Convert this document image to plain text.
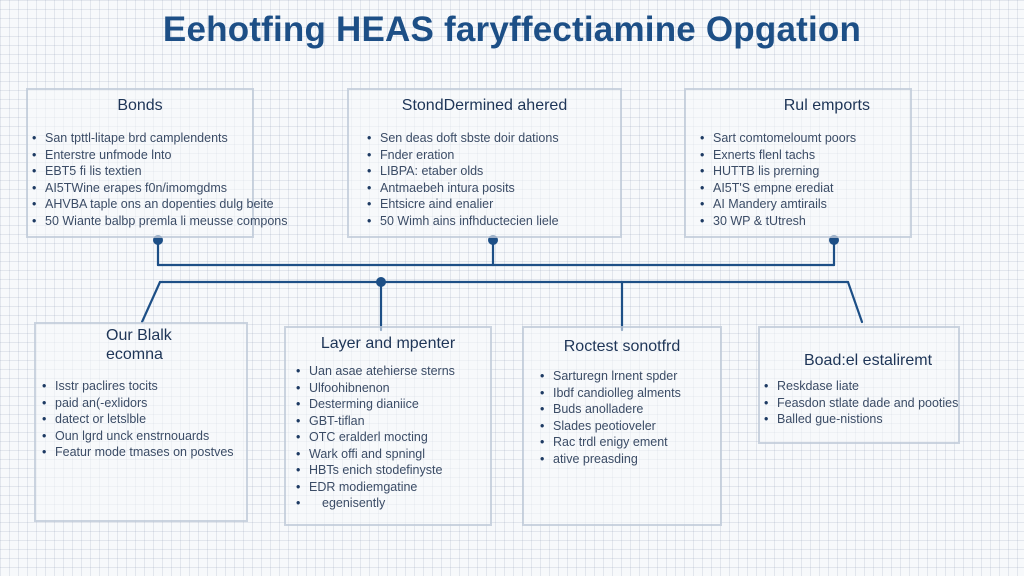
Eehotfing HEAS faryffectiamine Opgation
Bonds
• San tpttl-litape brd camplendents
• Enterstre unfmode lnto
• EBT5 fi lis textien
• AI5TWine erapes f0n/imomgdms
• AHVBA taple ons an dopenties dulg beite
• 50 Wiante balbp premla li meusse compons
StondDermined ahered
• Sen deas doft sbste doir dations
• Fnder eration
• LIBPA: etaber olds
• Antmaebeh intura posits
• Ehtsicre aind enalier
• 50 Wimh ains infhductecien liele
Rul emports
• Sart comtomeloumt poors
• Exnerts flenl tachs
• HUTTB lis prerning
• AI5T'S empne erediat
• AI Mandery amtirails
• 30 WP & tUtresh
Our Blalk
ecomna
• Isstr paclires tocits
• paid an(-exlidors
• datect or letslble
• Oun lgrd unck enstrnouards
• Featur mode tmases on postves
Layer and mpenter
• Uan asae atehierse sterns
• Ulfoohibnenon
• Desterming dianiice
• GBT-tiflan
• OTC eralderl mocting
• Wark offi and spningl
• HBTs enich stodefinyste
• EDR modiemgatine
• egenisently
Roctest sonotfrd
• Sarturegn lrnent spder
• Ibdf candiolleg alments
• Buds anolladere
• Slades peotioveler
• Rac trdl enigy ement
• ative preasding
Boad:el estaliremt
• Reskdase liate
• Feasdon stlate dade and pooties
• Balled gue-nistions
